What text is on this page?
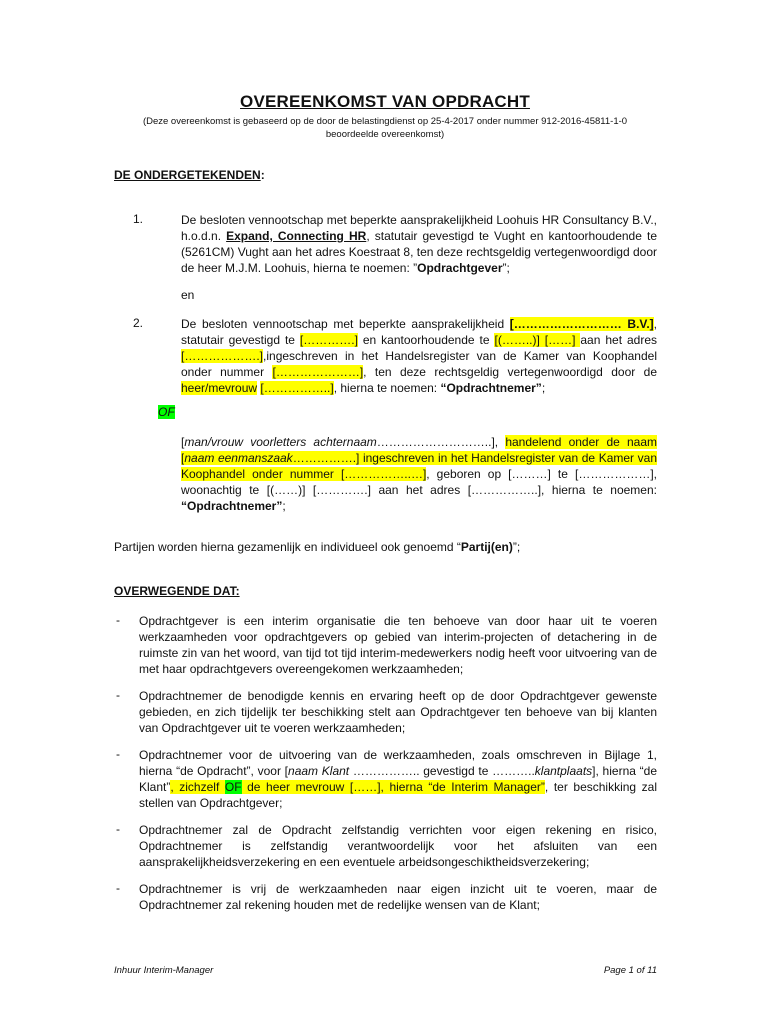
OVEREENKOMST VAN OPDRACHT
(Deze overeenkomst is gebaseerd op de door de belastingdienst op 25-4-2017 onder nummer 912-2016-45811-1-0
beoordeelde overeenkomst)
DE ONDERGETEKENDEN:
1.	De besloten vennootschap met beperkte aansprakelijkheid Loohuis HR Consultancy B.V., h.o.d.n. Expand, Connecting HR, statutair gevestigd te Vught en kantoorhoudende te (5261CM) Vught aan het adres Koestraat 8, ten deze rechtsgeldig vertegenwoordigd door de heer M.J.M. Loohuis, hierna te noemen: ”Opdrachtgever”;
en
2.	De besloten vennootschap met beperkte aansprakelijkheid [……………………… B.V.], statutair gevestigd te [………….] en kantoorhoudende te [(……..)] [……] aan het adres [……………….],ingeschreven in het Handelsregister van de Kamer van Koophandel onder nummer […………………], ten deze rechtsgeldig vertegenwoordigd door de heer/mevrouw [……………..], hierna te noemen: “Opdrachtnemer”;
OF
[man/vrouw voorletters achternaam………………………..], handelend onder de naam [naam eenmanszaak…………….] ingeschreven in het Handelsregister van de Kamer van Koophandel onder nummer [……………..…], geboren op [………] te [………………], woonachtig te [(……)] [………….] aan het adres [……………..], hierna te noemen: “Opdrachtnemer”;
Partijen worden hierna gezamenlijk en individueel ook genoemd “Partij(en)”;
OVERWEGENDE DAT:
- Opdrachtgever is een interim organisatie die ten behoeve van door haar uit te voeren werkzaamheden voor opdrachtgevers op gebied van interim-projecten of detachering in de ruimste zin van het woord, van tijd tot tijd interim-medewerkers nodig heeft voor uitvoering van de met haar opdrachtgevers overeengekomen werkzaamheden;
- Opdrachtnemer de benodigde kennis en ervaring heeft op de door Opdrachtgever gewenste gebieden, en zich tijdelijk ter beschikking stelt aan Opdrachtgever ten behoeve van bij klanten van Opdrachtgever uit te voeren werkzaamheden;
- Opdrachtnemer voor de uitvoering van de werkzaamheden, zoals omschreven in Bijlage 1, hierna “de Opdracht”, voor [naam Klant …………….. gevestigd te ………..klantplaats], hierna “de Klant”, zichzelf OF de heer mevrouw [……], hierna “de Interim Manager”, ter beschikking zal stellen van Opdrachtgever;
- Opdrachtnemer zal de Opdracht zelfstandig verrichten voor eigen rekening en risico, Opdrachtnemer is zelfstandig verantwoordelijk voor het afsluiten van een aansprakelijkheidsverzekering en een eventuele arbeidsongeschiktheidsverzekering;
- Opdrachtnemer is vrij de werkzaamheden naar eigen inzicht uit te voeren, maar de Opdrachtnemer zal rekening houden met de redelijke wensen van de Klant;
Inhuur Interim-Manager	Page 1 of 11
